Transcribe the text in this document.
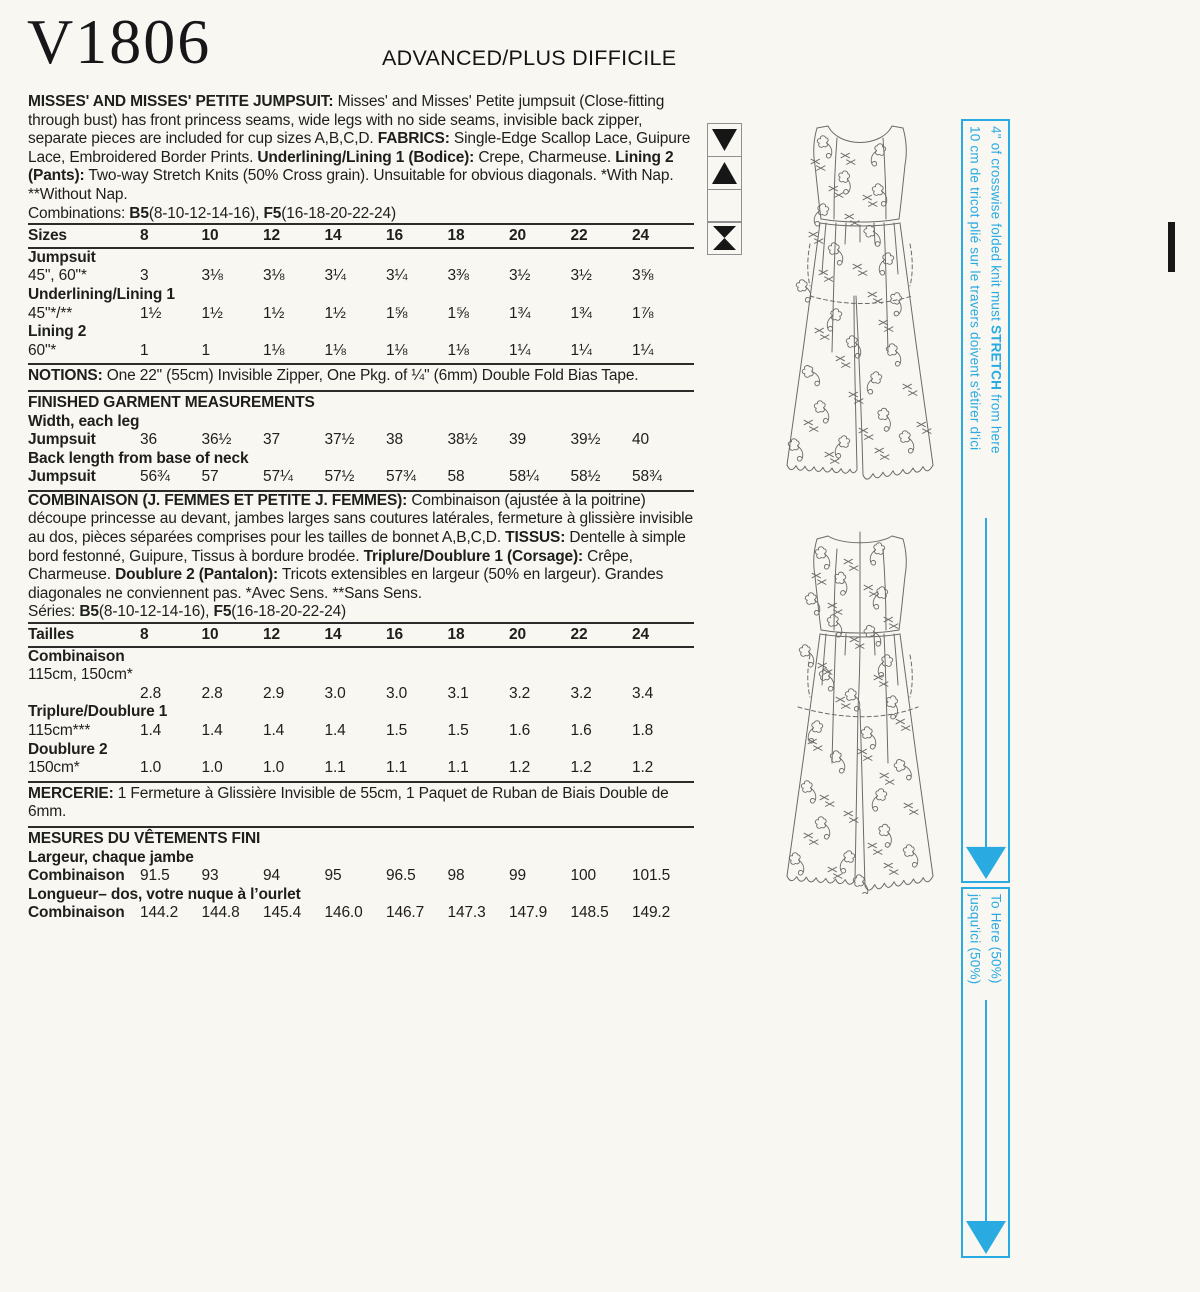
V1806	ADVANCED/PLUS DIFFICILE

MISSES' AND MISSES' PETITE JUMPSUIT: Misses' and Misses' Petite jumpsuit (Close-fitting through bust) has front princess seams, wide legs with no side seams, invisible back zipper, separate pieces are included for cup sizes A,B,C,D. FABRICS: Single-Edge Scallop Lace, Guipure Lace, Embroidered Border Prints. Underlining/Lining 1 (Bodice): Crepe, Charmeuse. Lining 2 (Pants): Two-way Stretch Knits (50% Cross grain). Unsuitable for obvious diagonals. *With Nap. **Without Nap.

Combinations: B5(8-10-12-14-16), F5(16-18-20-22-24)

Sizes	8	10	12	14	16	18	20	22	24
Jumpsuit
45", 60"*	3	3⅛	3⅛	3¼	3¼	3⅜	3½	3½	3⅝
Underlining/Lining 1
45"*/**	1½	1½	1½	1½	1⅝	1⅝	1¾	1¾	1⅞
Lining 2
60"*	1	1	1⅛	1⅛	1⅛	1⅛	1¼	1¼	1¼

NOTIONS: One 22" (55cm) Invisible Zipper, One Pkg. of ¼" (6mm) Double Fold Bias Tape.

FINISHED GARMENT MEASUREMENTS
Width, each leg
Jumpsuit	36	36½	37	37½	38	38½	39	39½	40
Back length from base of neck
Jumpsuit	56¾	57	57¼	57½	57¾	58	58¼	58½	58¾

COMBINAISON (J. FEMMES ET PETITE J. FEMMES): Combinaison (ajustée à la poitrine) découpe princesse au devant, jambes larges sans coutures latérales, fermeture à glissière invisible au dos, pièces séparées comprises pour les tailles de bonnet A,B,C,D. TISSUS: Dentelle à simple bord festonné, Guipure, Tissus à bordure brodée. Triplure/Doublure 1 (Corsage): Crêpe, Charmeuse. Doublure 2 (Pantalon): Tricots extensibles en largeur (50% en largeur). Grandes diagonales ne conviennent pas. *Avec Sens. **Sans Sens.

Séries: B5(8-10-12-14-16), F5(16-18-20-22-24)

Tailles	8	10	12	14	16	18	20	22	24
Combinaison
115cm, 150cm*
2.8	2.8	2.9	3.0	3.0	3.1	3.2	3.2	3.4
Triplure/Doublure 1
115cm***	1.4	1.4	1.4	1.4	1.5	1.5	1.6	1.6	1.8
Doublure 2
150cm*	1.0	1.0	1.0	1.1	1.1	1.1	1.2	1.2	1.2

MERCERIE: 1 Fermeture à Glissière Invisible de 55cm, 1 Paquet de Ruban de Biais Double de 6mm.

MESURES DU VÊTEMENTS FINI
Largeur, chaque jambe
Combinaison 91.5	93	94	95	96.5	98	99	100	101.5
Longueur– dos, votre nuque à l’ourlet
Combinaison 144.2	144.8	145.4	146.0	146.7	147.3	147.9	148.5	149.2
4" of crosswise folded knit must STRETCH from here
10 cm de tricot plié sur le travers doivent s'étirer d'ici
To Here (50%)
jusqu'ici (50%)
